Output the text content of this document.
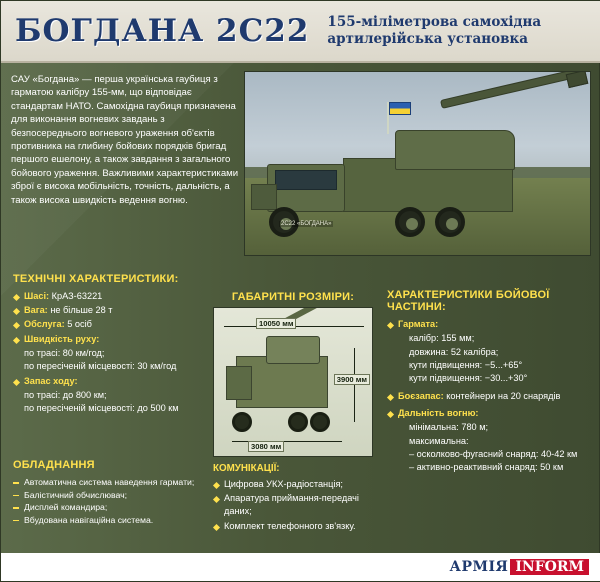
БОГДАНА 2С22 155-міліметрова самохідна артилерійська установка
САУ «Богдана» — перша українська гаубиця з гарматою калібру 155-мм, що відповідає стандартам НАТО. Самохідна гаубиця призначена для виконання вогневих завдань з безпосереднього вогневого ураження об'єктів противника на глибину бойових порядків бригад першого ешелону, а також завдання з загального бойового ураження. Важливими характеристиками зброї є висока мобільність, точність, дальність, а також висока швидкість ведення вогню.
2С22 «БОГДАНА»
ТЕХНІЧНІ ХАРАКТЕРИСТИКИ:
Шасі: КрАЗ-63221
Вага: не більше 28 т
Обслуга: 5 осіб
Швидкість руху:
по трасі: 80 км/год;
по пересіченій місцевості: 30 км/год
Запас ходу:
по трасі: до 800 км;
по пересіченій місцевості: до 500 км
ОБЛАДНАННЯ
Автоматична система наведення гармати;
Балістичний обчислювач;
Дисплей командира;
Вбудована навігаційна система.
ГАБАРИТНІ РОЗМІРИ:
10050 мм
3900 мм
3080 мм
КОМУНІКАЦІЇ:
Цифрова УКХ-радіостанція;
Апаратура приймання-передачі даних;
Комплект телефонного зв'язку.
ХАРАКТЕРИСТИКИ БОЙОВОЇ ЧАСТИНИ:
Гармата:
калібр: 155 мм;
довжина: 52 калібра;
кути підвищення: −5...+65°
кути підвищення: −30...+30°
Боєзапас: контейнери на 20 снарядів
Дальність вогню:
мінімальна: 780 м;
максимальна:
– осколково-фугасний снаряд: 40-42 км
– активно-реактивний снаряд: 50 км
АРМІЯ INFORM
